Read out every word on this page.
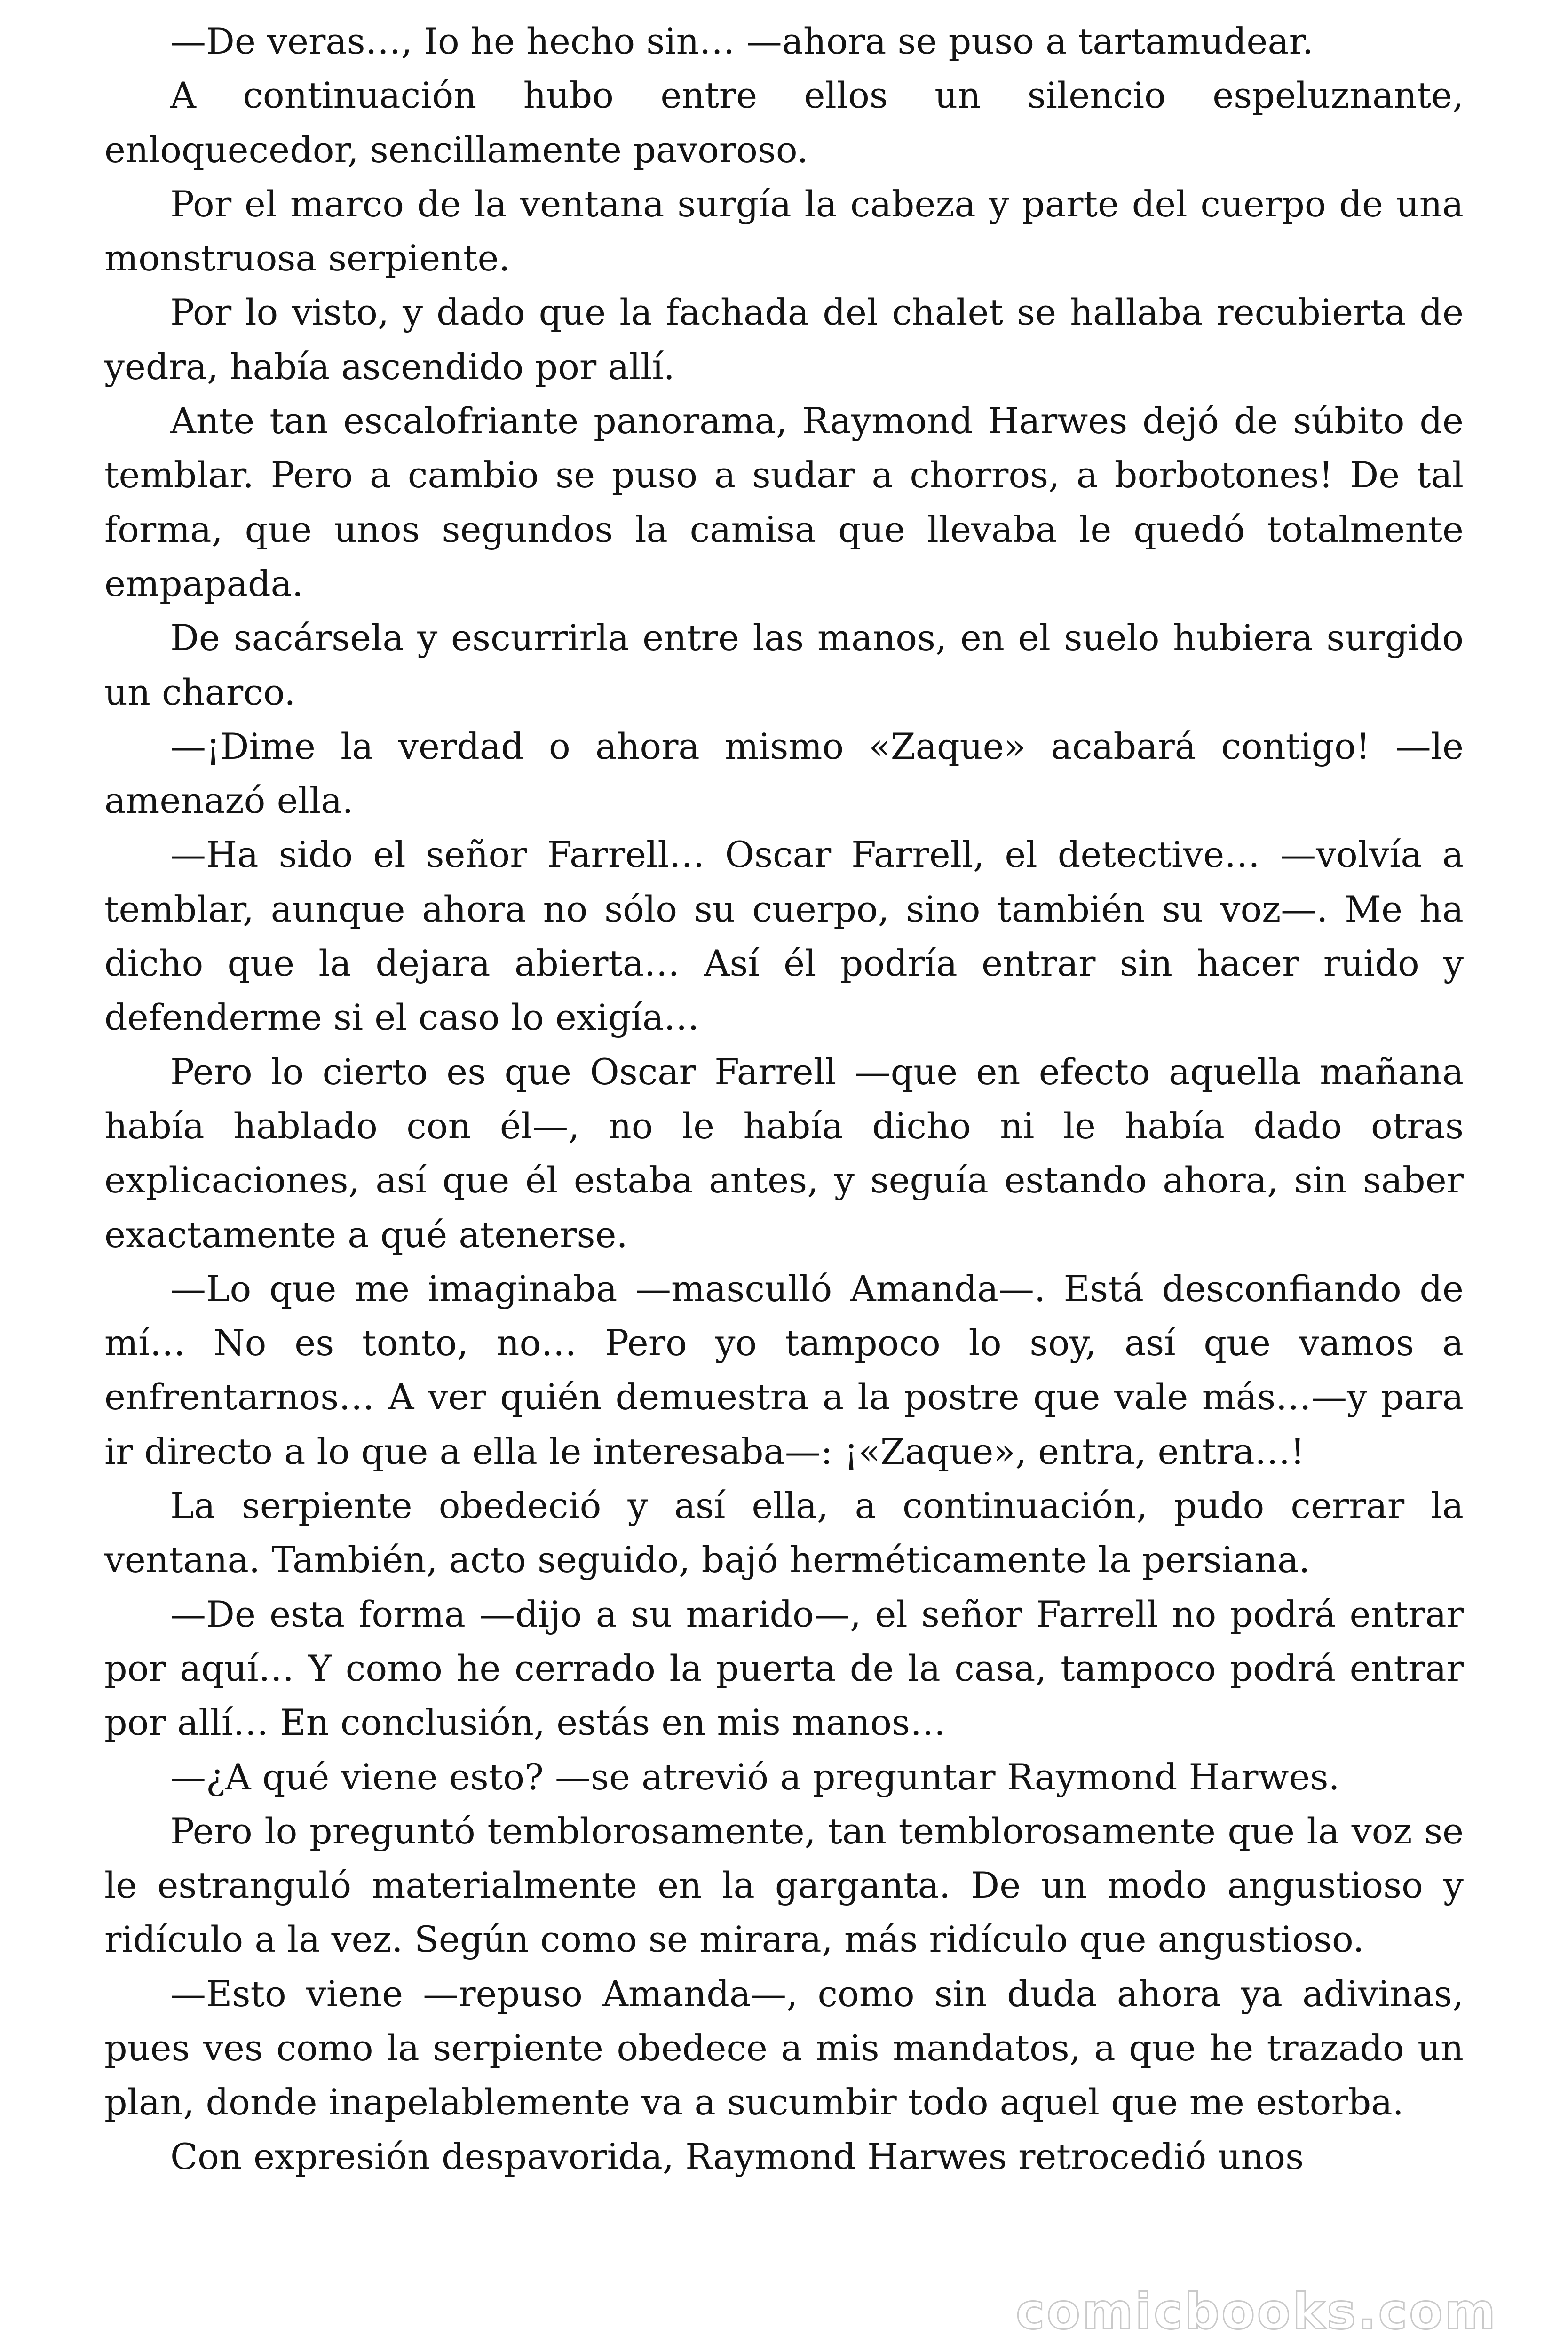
—De veras…, Io he hecho sin… —ahora se puso a tartamudear.

A continuación hubo entre ellos un silencio espeluznante, enloquecedor, sencillamente pavoroso.

Por el marco de la ventana surgía la cabeza y parte del cuerpo de una monstruosa serpiente.

Por lo visto, y dado que la fachada del chalet se hallaba recubierta de yedra, había ascendido por allí.

Ante tan escalofriante panorama, Raymond Harwes dejó de súbito de temblar. Pero a cambio se puso a sudar a chorros, a borbotones! De tal forma, que unos segundos la camisa que llevaba le quedó totalmente empapada.

De sacársela y escurrirla entre las manos, en el suelo hubiera surgido un charco.

—¡Dime la verdad o ahora mismo «Zaque» acabará contigo! —le amenazó ella.

—Ha sido el señor Farrell… Oscar Farrell, el detective… —volvía a temblar, aunque ahora no sólo su cuerpo, sino también su voz—. Me ha dicho que la dejara abierta… Así él podría entrar sin hacer ruido y defenderme si el caso lo exigía…

Pero lo cierto es que Oscar Farrell —que en efecto aquella mañana había hablado con él—, no le había dicho ni le había dado otras explicaciones, así que él estaba antes, y seguía estando ahora, sin saber exactamente a qué atenerse.

—Lo que me imaginaba —masculló Amanda—. Está desconfiando de mí… No es tonto, no… Pero yo tampoco lo soy, así que vamos a enfrentarnos… A ver quién demuestra a la postre que vale más…—y para ir directo a lo que a ella le interesaba—: ¡«Zaque», entra, entra…!

La serpiente obedeció y así ella, a continuación, pudo cerrar la ventana. También, acto seguido, bajó herméticamente la persiana.

—De esta forma —dijo a su marido—, el señor Farrell no podrá entrar por aquí… Y como he cerrado la puerta de la casa, tampoco podrá entrar por allí… En conclusión, estás en mis manos…

—¿A qué viene esto? —se atrevió a preguntar Raymond Harwes.

Pero lo preguntó temblorosamente, tan temblorosamente que la voz se le estranguló materialmente en la garganta. De un modo angustioso y ridículo a la vez. Según como se mirara, más ridículo que angustioso.

—Esto viene —repuso Amanda—, como sin duda ahora ya adivinas, pues ves como la serpiente obedece a mis mandatos, a que he trazado un plan, donde inapelablemente va a sucumbir todo aquel que me estorba.

Con expresión despavorida, Raymond Harwes retrocedió unos

comicbooks.com
